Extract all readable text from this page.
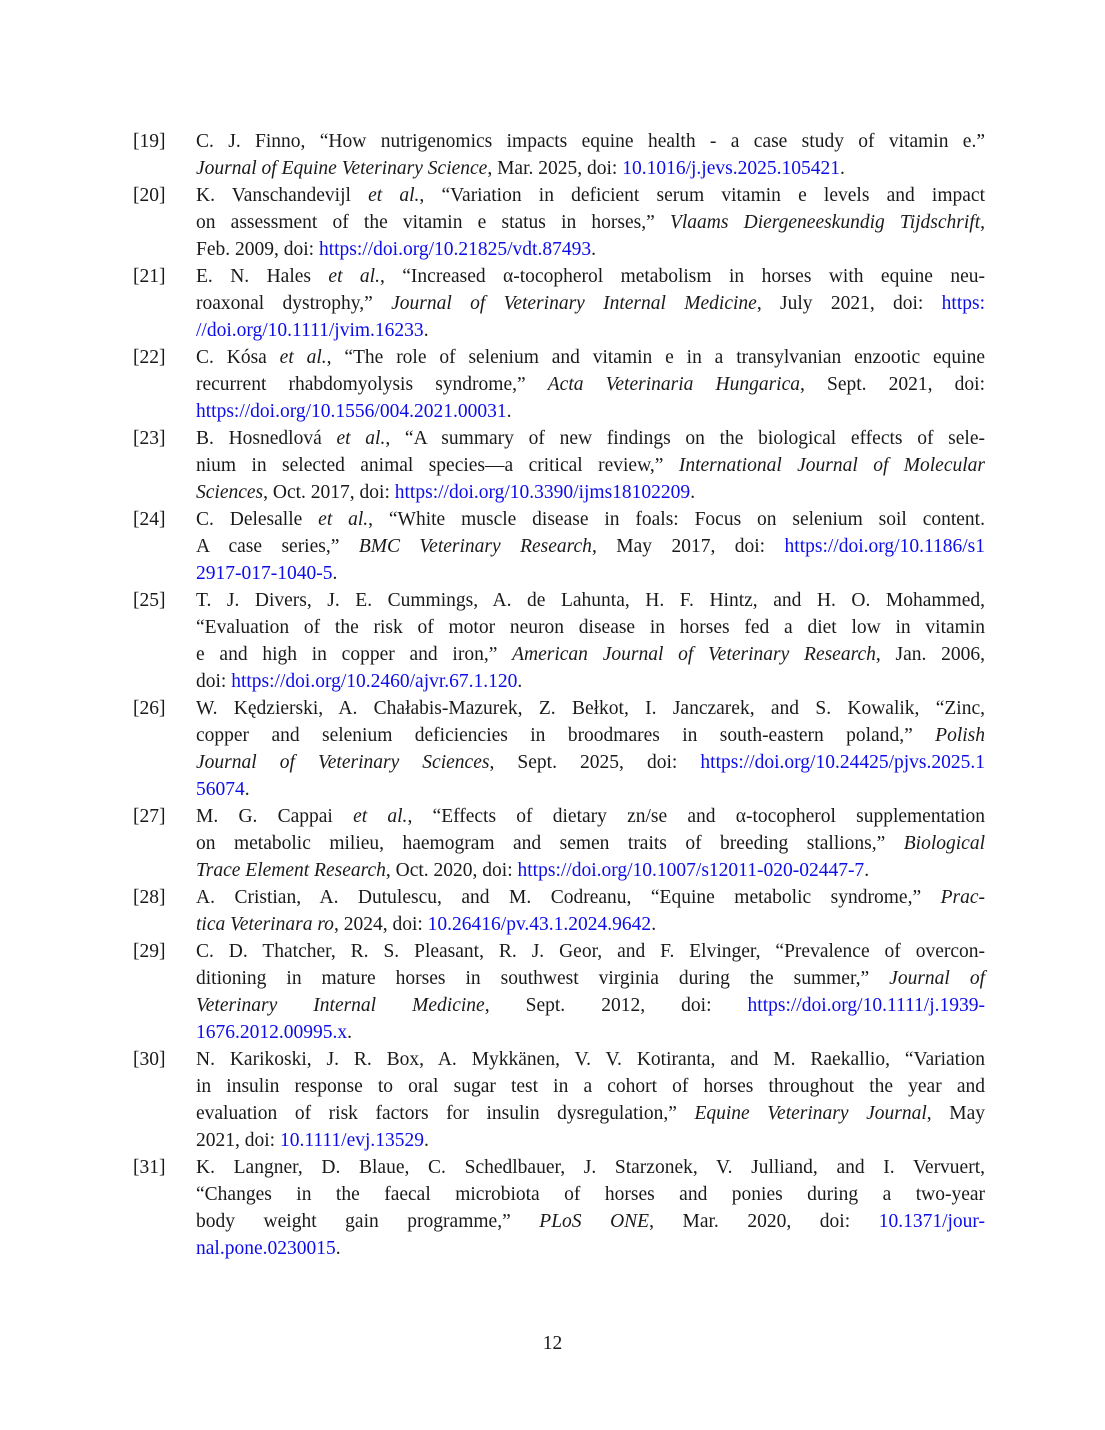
[19]	C. J. Finno, “How nutrigenomics impacts equine health - a case study of vitamin e.”
Journal of Equine Veterinary Science, Mar. 2025, doi: 10.1016/j.jevs.2025.105421.
[20]	K. Vanschandevijl et al., “Variation in deficient serum vitamin e levels and impact
on assessment of the vitamin e status in horses,” Vlaams Diergeneeskundig Tijdschrift,
Feb. 2009, doi: https://doi.org/10.21825/vdt.87493.
[21]	E. N. Hales et al., “Increased α-tocopherol metabolism in horses with equine neu-
roaxonal dystrophy,” Journal of Veterinary Internal Medicine, July 2021, doi: https:
//doi.org/10.1111/jvim.16233.
[22]	C. Kósa et al., “The role of selenium and vitamin e in a transylvanian enzootic equine
recurrent rhabdomyolysis syndrome,” Acta Veterinaria Hungarica, Sept. 2021, doi:
https://doi.org/10.1556/004.2021.00031.
[23]	B. Hosnedlová et al., “A summary of new findings on the biological effects of sele-
nium in selected animal species—a critical review,” International Journal of Molecular
Sciences, Oct. 2017, doi: https://doi.org/10.3390/ijms18102209.
[24]	C. Delesalle et al., “White muscle disease in foals: Focus on selenium soil content.
A case series,” BMC Veterinary Research, May 2017, doi: https://doi.org/10.1186/s1
2917-017-1040-5.
[25]	T. J. Divers, J. E. Cummings, A. de Lahunta, H. F. Hintz, and H. O. Mohammed,
“Evaluation of the risk of motor neuron disease in horses fed a diet low in vitamin
e and high in copper and iron,” American Journal of Veterinary Research, Jan. 2006,
doi: https://doi.org/10.2460/ajvr.67.1.120.
[26]	W. Kędzierski, A. Chałabis-Mazurek, Z. Bełkot, I. Janczarek, and S. Kowalik, “Zinc,
copper and selenium deficiencies in broodmares in south-eastern poland,” Polish
Journal of Veterinary Sciences, Sept. 2025, doi: https://doi.org/10.24425/pjvs.2025.1
56074.
[27]	M. G. Cappai et al., “Effects of dietary zn/se and α-tocopherol supplementation
on metabolic milieu, haemogram and semen traits of breeding stallions,” Biological
Trace Element Research, Oct. 2020, doi: https://doi.org/10.1007/s12011-020-02447-7.
[28]	A. Cristian, A. Dutulescu, and M. Codreanu, “Equine metabolic syndrome,” Prac-
tica Veterinara ro, 2024, doi: 10.26416/pv.43.1.2024.9642.
[29]	C. D. Thatcher, R. S. Pleasant, R. J. Geor, and F. Elvinger, “Prevalence of overcon-
ditioning in mature horses in southwest virginia during the summer,” Journal of
Veterinary Internal Medicine, Sept. 2012, doi: https://doi.org/10.1111/j.1939-
1676.2012.00995.x.
[30]	N. Karikoski, J. R. Box, A. Mykkänen, V. V. Kotiranta, and M. Raekallio, “Variation
in insulin response to oral sugar test in a cohort of horses throughout the year and
evaluation of risk factors for insulin dysregulation,” Equine Veterinary Journal, May
2021, doi: 10.1111/evj.13529.
[31]	K. Langner, D. Blaue, C. Schedlbauer, J. Starzonek, V. Julliand, and I. Vervuert,
“Changes in the faecal microbiota of horses and ponies during a two-year
body weight gain programme,” PLoS ONE, Mar. 2020, doi: 10.1371/jour-
nal.pone.0230015.
12
